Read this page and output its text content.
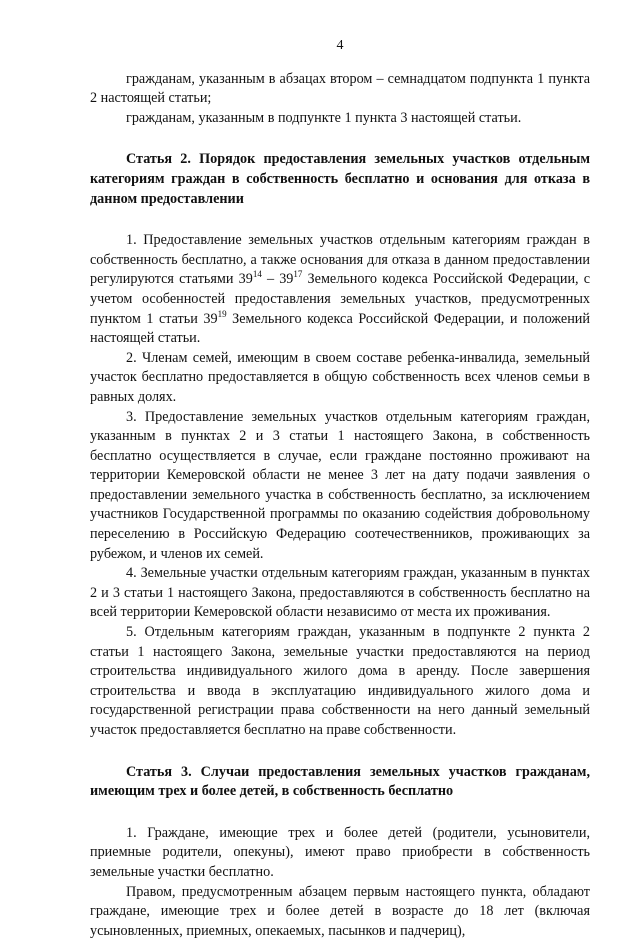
4

гражданам, указанным в абзацах втором – семнадцатом подпункта 1 пункта 2 настоящей статьи;

гражданам, указанным в подпункте 1 пункта 3 настоящей статьи.

Статья 2. Порядок предоставления земельных участков отдельным категориям граждан в собственность бесплатно и основания для отказа в данном предоставлении

1. Предоставление земельных участков отдельным категориям граждан в собственность бесплатно, а также основания для отказа в данном предоставлении регулируются статьями $39^{14} - 39^{17}$ Земельного кодекса Российской Федерации, с учетом особенностей предоставления земельных участков, предусмотренных пунктом 1 статьи $39^{19}$ Земельного кодекса Российской Федерации, и положений настоящей статьи.

2. Членам семей, имеющим в своем составе ребенка-инвалида, земельный участок бесплатно предоставляется в общую собственность всех членов семьи в равных долях.

3. Предоставление земельных участков отдельным категориям граждан, указанным в пунктах 2 и 3 статьи 1 настоящего Закона, в собственность бесплатно осуществляется в случае, если граждане постоянно проживают на территории Кемеровской области не менее 3 лет на дату подачи заявления о предоставлении земельного участка в собственность бесплатно, за исключением участников Государственной программы по оказанию содействия добровольному переселению в Российскую Федерацию соотечественников, проживающих за рубежом, и членов их семей.

4. Земельные участки отдельным категориям граждан, указанным в пунктах 2 и 3 статьи 1 настоящего Закона, предоставляются в собственность бесплатно на всей территории Кемеровской области независимо от места их проживания.

5. Отдельным категориям граждан, указанным в подпункте 2 пункта 2 статьи 1 настоящего Закона, земельные участки предоставляются на период строительства индивидуального жилого дома в аренду. После завершения строительства и ввода в эксплуатацию индивидуального жилого дома и государственной регистрации права собственности на него данный земельный участок предоставляется бесплатно на праве собственности.

Статья 3. Случаи предоставления земельных участков гражданам, имеющим трех и более детей, в собственность бесплатно

1. Граждане, имеющие трех и более детей (родители, усыновители, приемные родители, опекуны), имеют право приобрести в собственность земельные участки бесплатно.

Правом, предусмотренным абзацем первым настоящего пункта, обладают граждане, имеющие трех и более детей в возрасте до 18 лет (включая усыновленных, приемных, опекаемых, пасынков и падчериц),
